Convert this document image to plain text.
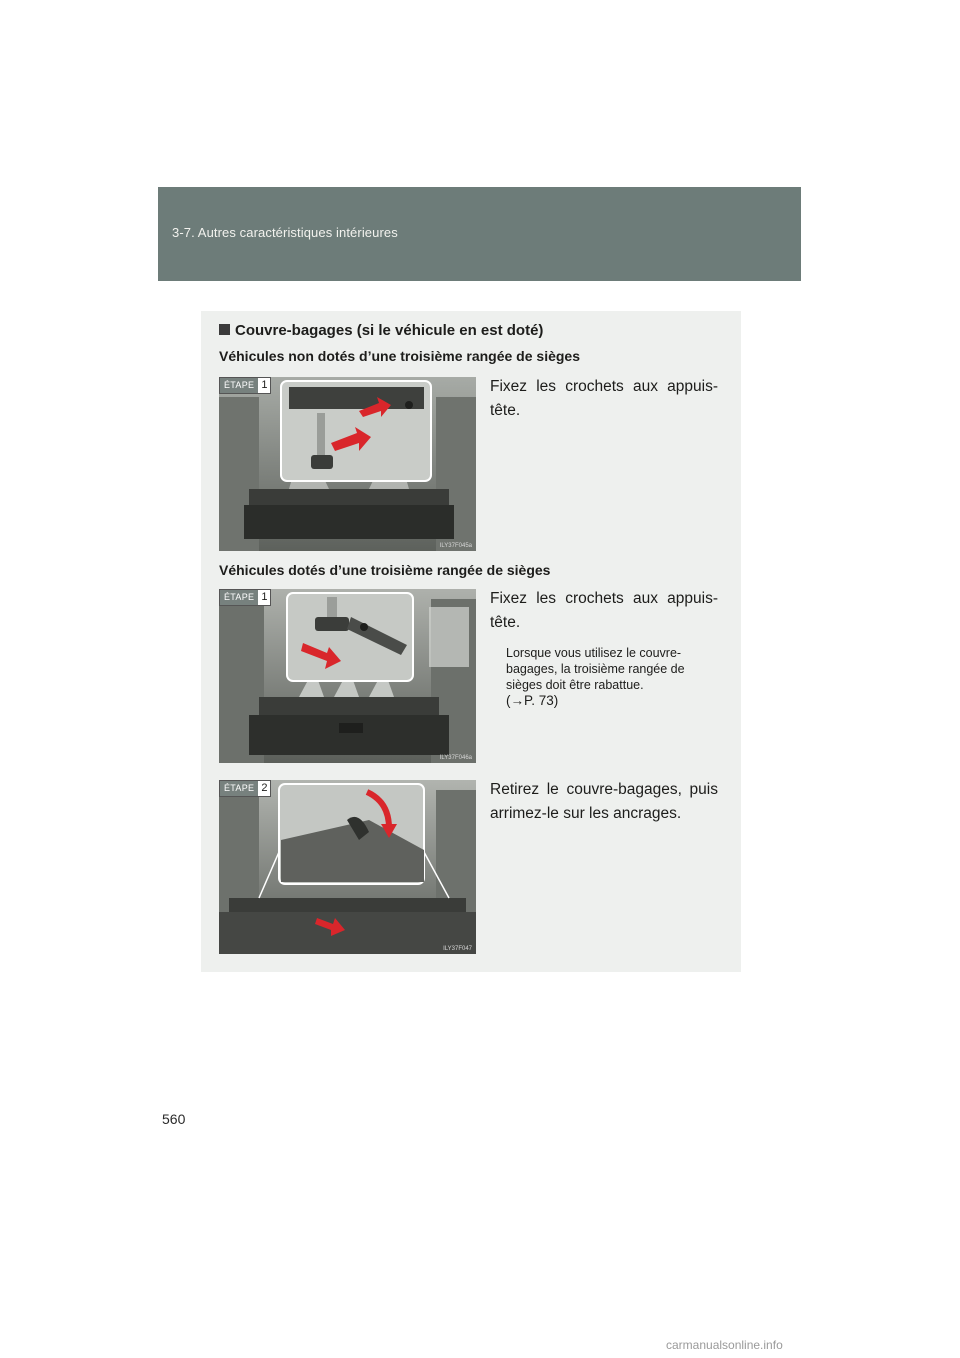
3-7. Autres caractéristiques intérieures
Couvre-bagages (si le véhicule en est doté)
Véhicules non dotés d’une troisième rangée de sièges
ÉTAPE 1
ILY37F045a
Fixez les crochets aux appuis-tête.
Véhicules dotés d’une troisième rangée de sièges
ÉTAPE 1
ILY37F046a
Fixez les crochets aux appuis-tête.
Lorsque vous utilisez le couvre-bagages, la troisième rangée de sièges doit être rabattue.
(→P. 73)
ÉTAPE 2
ILY37F047
Retirez le couvre-bagages, puis arrimez-le sur les ancrages.
560
carmanualsonline.info
